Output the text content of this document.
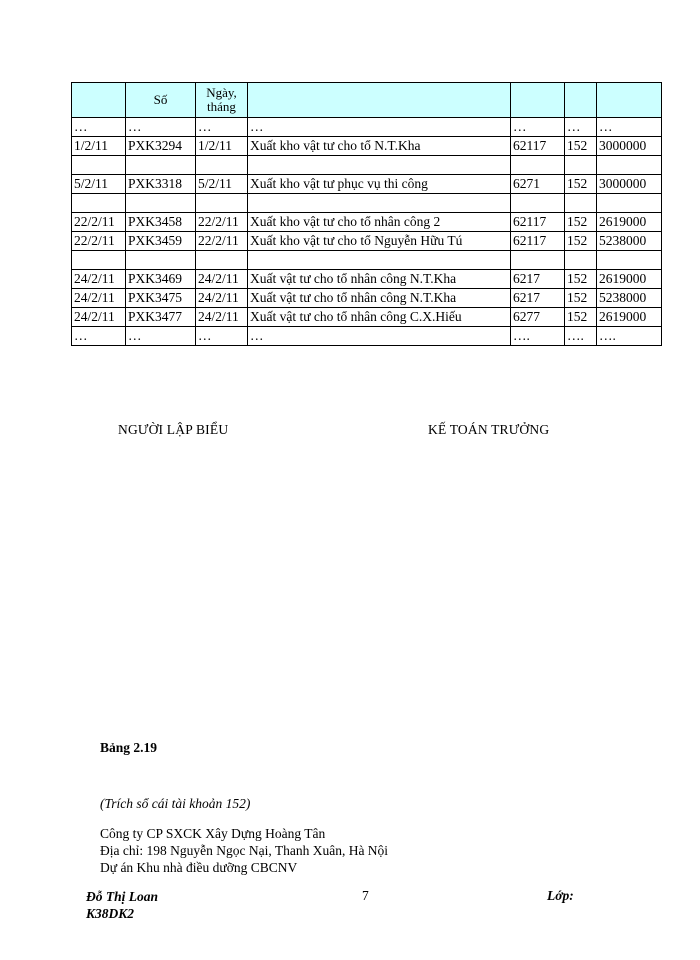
	Số	Ngày,
tháng				
…	…	…	…	…	…	…
1/2/11	PXK3294	1/2/11	Xuất kho vật tư cho tổ N.T.Kha	62117	152	3000000

5/2/11	PXK3318	5/2/11	Xuất kho vật tư phục vụ thi công	6271	152	3000000

22/2/11	PXK3458	22/2/11	Xuất kho vật tư cho tổ nhân công 2	62117	152	2619000
22/2/11	PXK3459	22/2/11	Xuất kho vật tư cho tổ Nguyễn Hữu Tú	62117	152	5238000

24/2/11	PXK3469	24/2/11	Xuất vật tư cho tổ nhân công N.T.Kha	6217	152	2619000
24/2/11	PXK3475	24/2/11	Xuất vật tư cho tổ nhân công N.T.Kha	6217	152	5238000
24/2/11	PXK3477	24/2/11	Xuất vật tư cho tổ nhân công C.X.Hiếu	6277	152	2619000
…	…	…	…	….	….	….
NGƯỜI LẬP BIỂU	KẾ TOÁN TRƯỞNG
Bảng 2.19
(Trích sổ cái tài khoản 152)
Công ty CP SXCK Xây Dựng Hoàng Tân
Địa chỉ: 198 Nguyễn Ngọc Nại, Thanh Xuân, Hà Nội
Dự án Khu nhà điều dưỡng CBCNV
Đỗ Thị Loan
K38DK2
7	Lớp:
